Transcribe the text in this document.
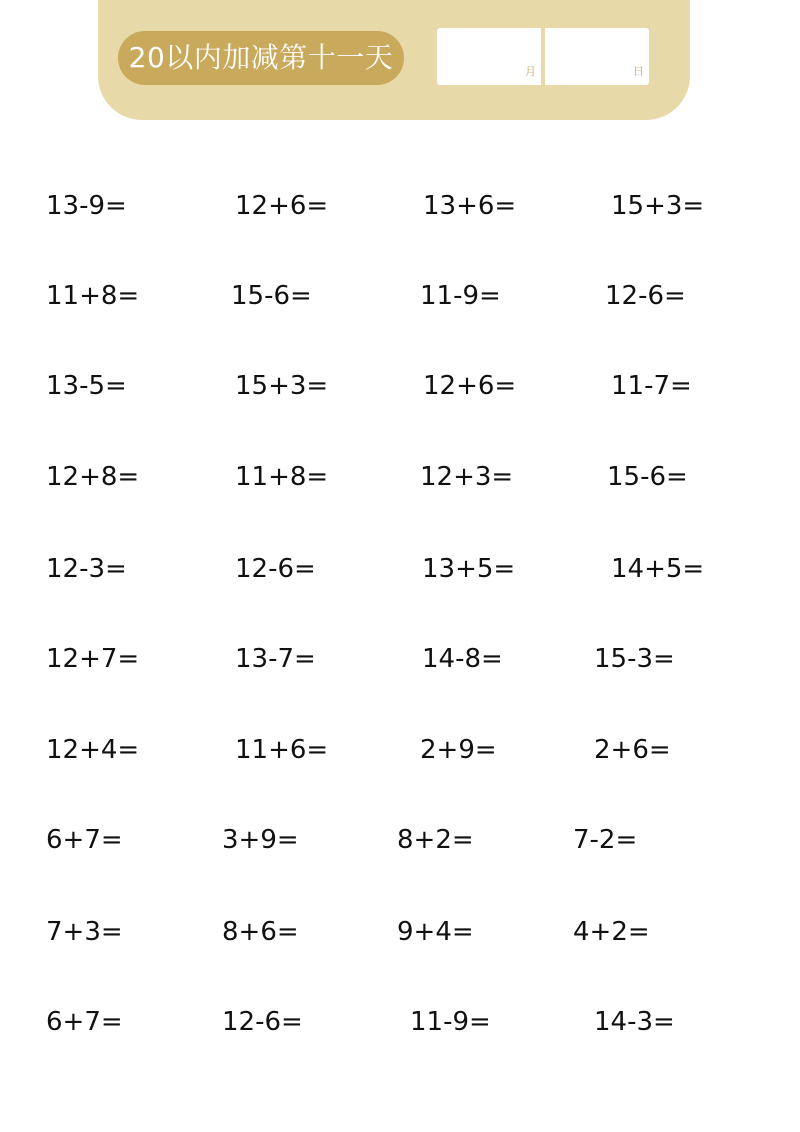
20以内加减第十一天	月	日
13-9=	12+6=	13+6=	15+3=
11+8=	15-6=	11-9=	12-6=
13-5=	15+3=	12+6=	11-7=
12+8=	11+8=	12+3=	15-6=
12-3=	12-6=	13+5=	14+5=
12+7=	13-7=	14-8=	15-3=
12+4=	11+6=	2+9=	2+6=
6+7=	3+9=	8+2=	7-2=
7+3=	8+6=	9+4=	4+2=
6+7=	12-6=	11-9=	14-3=
